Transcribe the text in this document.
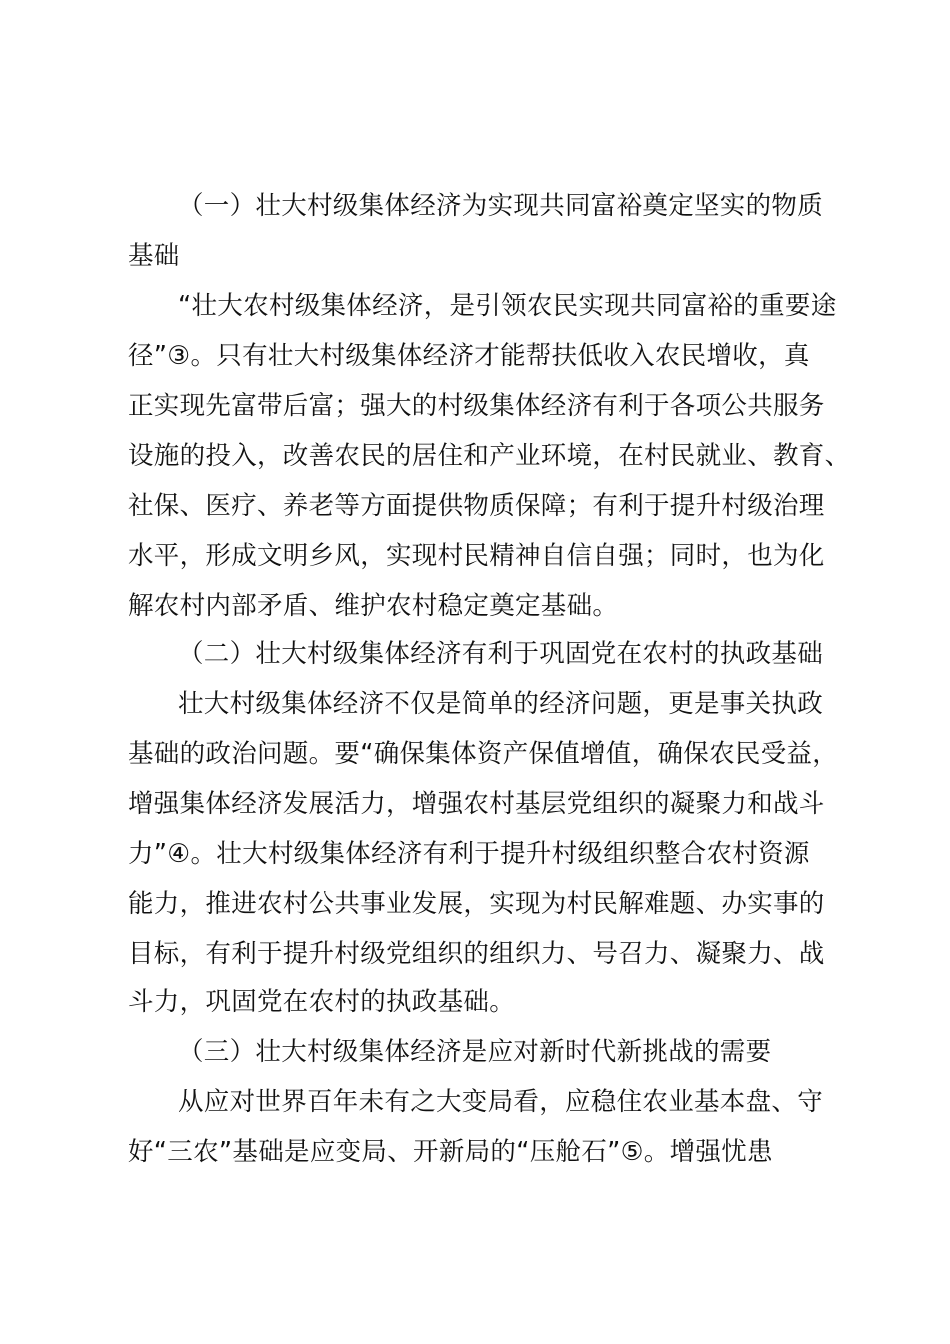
（一）壮大村级集体经济为实现共同富裕奠定坚实的物质

基础

“壮大农村级集体经济，是引领农民实现共同富裕的重要途

径”③。只有壮大村级集体经济才能帮扶低收入农民增收，真

正实现先富带后富；强大的村级集体经济有利于各项公共服务

设施的投入，改善农民的居住和产业环境，在村民就业、教育、

社保、医疗、养老等方面提供物质保障；有利于提升村级治理

水平，形成文明乡风，实现村民精神自信自强；同时，也为化

解农村内部矛盾、维护农村稳定奠定基础。

（二）壮大村级集体经济有利于巩固党在农村的执政基础

壮大村级集体经济不仅是简单的经济问题，更是事关执政

基础的政治问题。要“确保集体资产保值增值，确保农民受益，

增强集体经济发展活力，增强农村基层党组织的凝聚力和战斗

力”④。壮大村级集体经济有利于提升村级组织整合农村资源

能力，推进农村公共事业发展，实现为村民解难题、办实事的

目标，有利于提升村级党组织的组织力、号召力、凝聚力、战

斗力，巩固党在农村的执政基础。

（三）壮大村级集体经济是应对新时代新挑战的需要

从应对世界百年未有之大变局看，应稳住农业基本盘、守

好“三农”基础是应变局、开新局的“压舱石”⑤。增强忧患
